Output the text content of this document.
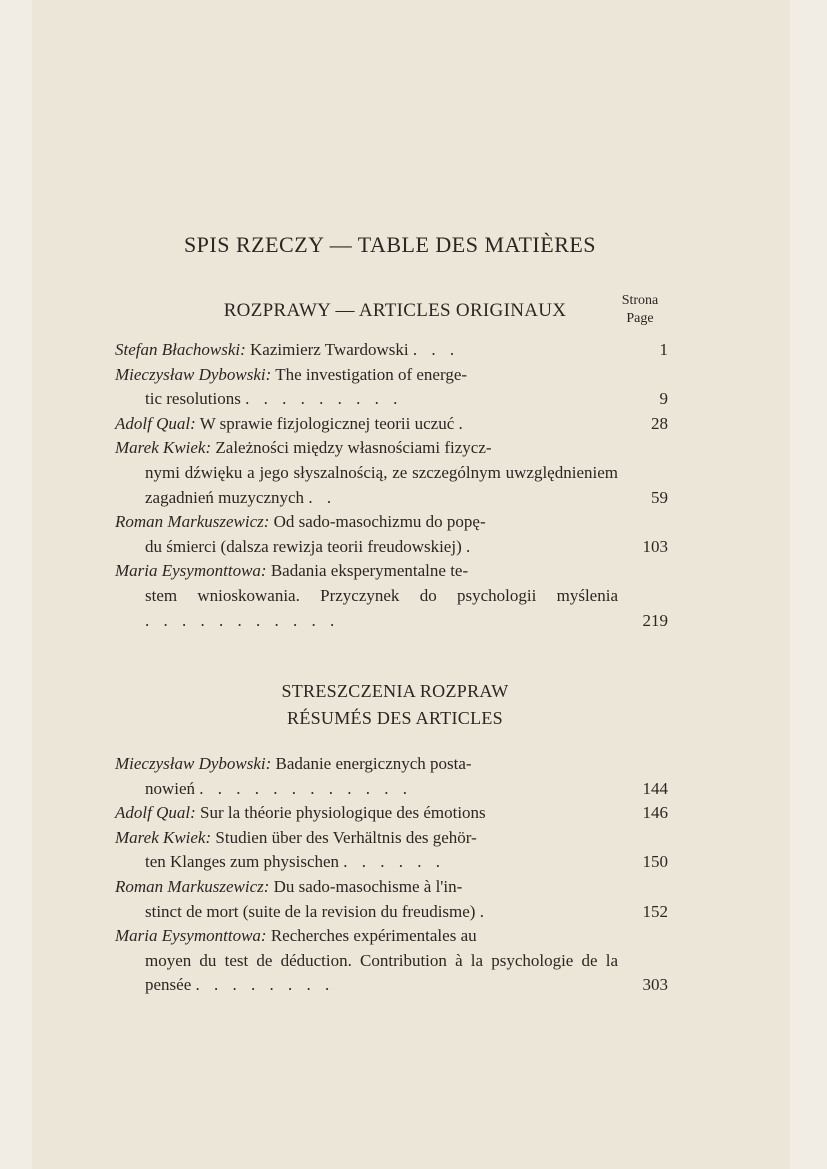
SPIS RZECZY — TABLE DES MATIÈRES
ROZPRAWY — ARTICLES ORIGINAUX	Strona
Page
Stefan Błachowski: Kazimierz Twardowski . . .	1
Mieczysław Dybowski: The investigation of energe-
tic resolutions . . . . . . . . .	9
Adolf Qual: W sprawie fizjologicznej teorii uczuć .	28
Marek Kwiek: Zależności między własnościami fizycz-
nymi dźwięku a jego słyszalnością, ze szczególnym uwzględnieniem zagadnień muzycznych . .	59
Roman Markuszewicz: Od sado-masochizmu do popę-
du śmierci (dalsza rewizja teorii freudowskiej) .	103
Maria Eysymonttowa: Badania eksperymentalne te-
stem wnioskowania. Przyczynek do psychologii myślenia . . . . . . . . . . .	219
STRESZCZENIA ROZPRAW
RÉSUMÉS DES ARTICLES
Mieczysław Dybowski: Badanie energicznych posta-
nowień . . . . . . . . . . . .	144
Adolf Qual: Sur la théorie physiologique des émotions	146
Marek Kwiek: Studien über des Verhältnis des gehör-
ten Klanges zum physischen . . . . . .	150
Roman Markuszewicz: Du sado-masochisme à l'in-
stinct de mort (suite de la revision du freudisme) .	152
Maria Eysymonttowa: Recherches expérimentales au
moyen du test de déduction. Contribution à la psychologie de la pensée . . . . . . . .	303
